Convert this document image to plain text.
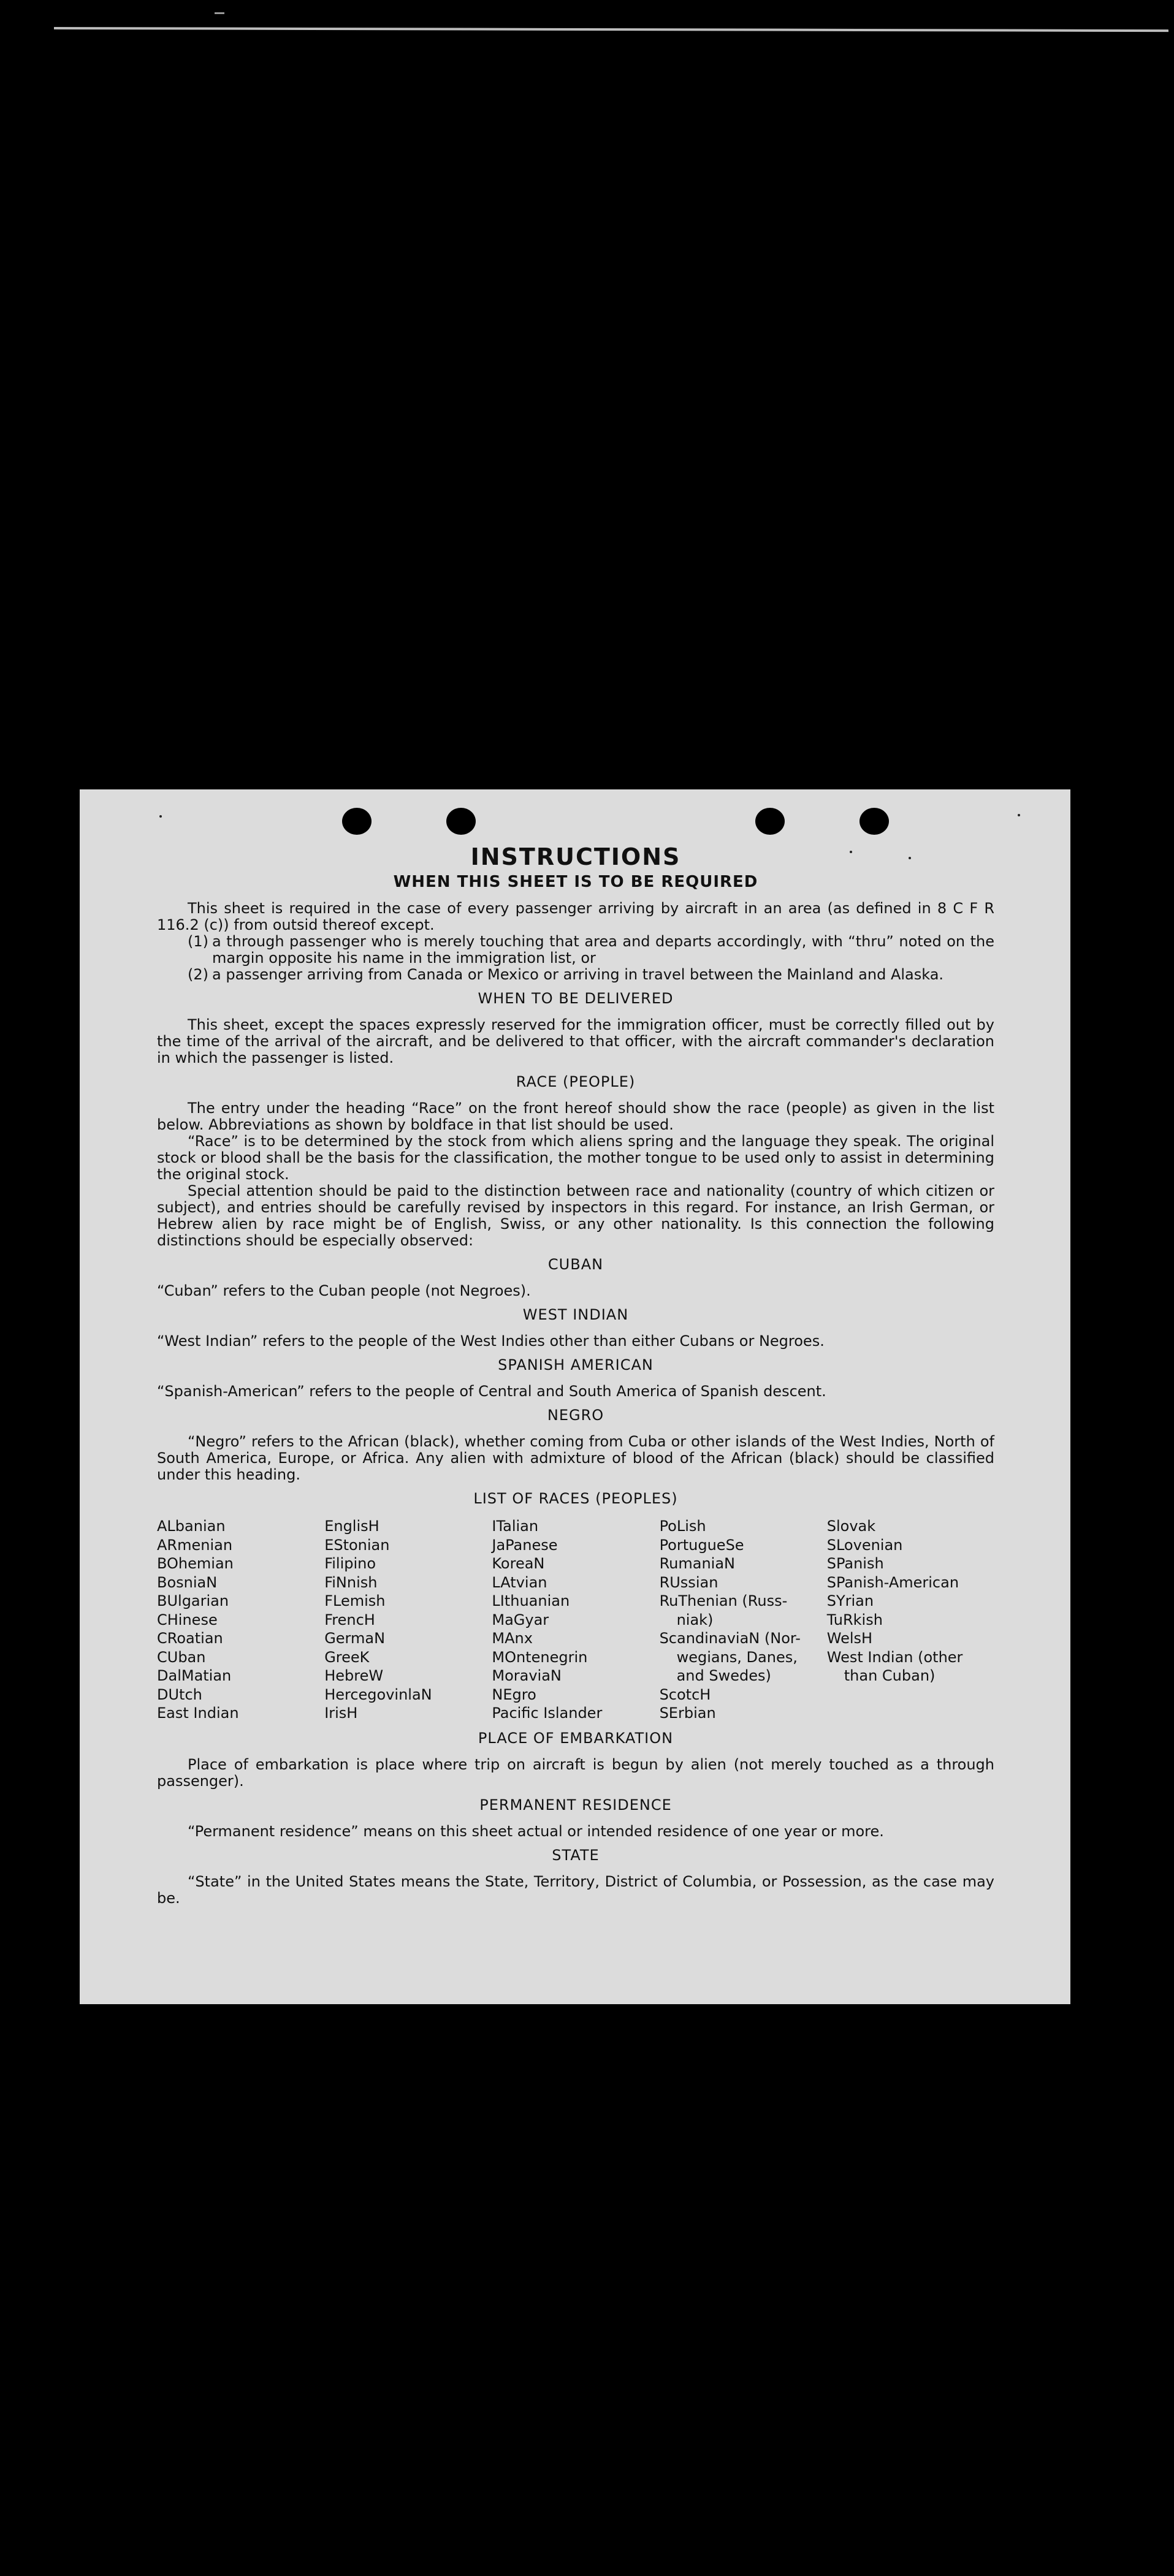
INSTRUCTIONS
WHEN THIS SHEET IS TO BE REQUIRED

This sheet is required in the case of every passenger arriving by aircraft in an area (as defined in 8 C F R 116.2 (c)) from outsid thereof except.

(1) a through passenger who is merely touching that area and departs accordingly, with “thru” noted on the margin opposite his name in the immigration list, or
(2) a passenger arriving from Canada or Mexico or arriving in travel between the Mainland and Alaska.
WHEN TO BE DELIVERED

This sheet, except the spaces expressly reserved for the immigration officer, must be correctly filled out by the time of the arrival of the aircraft, and be delivered to that officer, with the aircraft commander's declaration in which the passenger is listed.

RACE (PEOPLE)

The entry under the heading “Race” on the front hereof should show the race (people) as given in the list below. Abbreviations as shown by boldface in that list should be used.

“Race” is to be determined by the stock from which aliens spring and the language they speak. The original stock or blood shall be the basis for the classification, the mother tongue to be used only to assist in determining the original stock.

Special attention should be paid to the distinction between race and nationality (country of which citizen or subject), and entries should be carefully revised by inspectors in this regard. For instance, an Irish German, or Hebrew alien by race might be of English, Swiss, or any other nationality. Is this connection the following distinctions should be especially observed:

CUBAN

“Cuban” refers to the Cuban people (not Negroes).

WEST INDIAN

“West Indian” refers to the people of the West Indies other than either Cubans or Negroes.

SPANISH AMERICAN

“Spanish-American” refers to the people of Central and South America of Spanish descent.

NEGRO

“Negro” refers to the African (black), whether coming from Cuba or other islands of the West Indies, North of South America, Europe, or Africa. Any alien with admixture of blood of the African (black) should be classified under this heading.

LIST OF RACES (PEOPLES)
ALbanian
ARmenian
BOhemian
BosniaN
BUlgarian
CHinese
CRoatian
CUban
DalMatian
DUtch
East Indian
EnglisH
EStonian
Filipino
FiNnish
FLemish
FrencH
GermaN
GreeK
HebreW
HercegovinlaN
IrisH
ITalian
JaPanese
KoreaN
LAtvian
LIthuanian
MaGyar
MAnx
MOntenegrin
MoraviaN
NEgro
Pacific Islander
PoLish
PortugueSe
RumaniaN
RUssian
RuThenian (Russ-
niak)
ScandinaviaN (Nor-
wegians, Danes,
and Swedes)
ScotcH
SErbian
Slovak
SLovenian
SPanish
SPanish-American
SYrian
TuRkish
WelsH
West Indian (other
than Cuban)
PLACE OF EMBARKATION

Place of embarkation is place where trip on aircraft is begun by alien (not merely touched as a through passenger).

PERMANENT RESIDENCE

“Permanent residence” means on this sheet actual or intended residence of one year or more.

STATE

“State” in the United States means the State, Territory, District of Columbia, or Possession, as the case may be.
